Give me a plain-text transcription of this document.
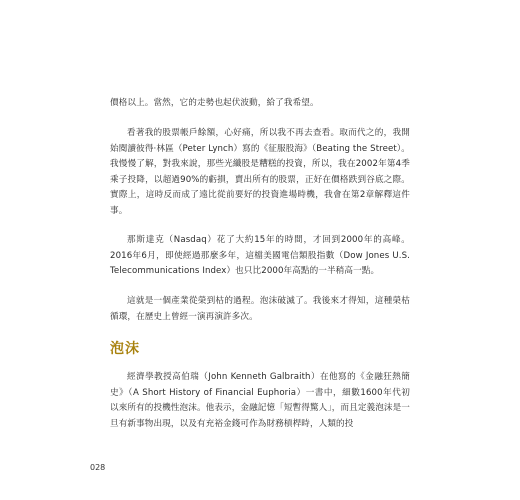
價格以上。當然，它的走勢也起伏波動，給了我希望。

看著我的股票帳戶餘額，心好痛，所以我不再去查看。取而代之的，我開始閱讀彼得‧林區（Peter Lynch）寫的《征服股海》（Beating the Street）。我慢慢了解，對我來說，那些光纖股是糟糕的投資，所以，我在2002年第4季乘子投降，以超過90%的虧損，賣出所有的股票，正好在價格跌到谷底之際。實際上，這時反而成了遠比從前要好的投資進場時機，我會在第2章解釋這件事。

那斯達克（Nasdaq）花了大約15年的時間，才回到2000年的高峰。2016年6月，即使經過那麼多年，這檔美國電信類股指數（Dow Jones U.S. Telecommunications Index）也只比2000年高點的一半稍高一點。

這就是一個產業從榮到枯的過程。泡沫破滅了。我後來才得知，這種榮枯循環，在歷史上曾經一演再演許多次。

泡沫

經濟學教授高伯瑞（John Kenneth Galbraith）在他寫的《金融狂熱簡史》（A Short History of Financial Euphoria）一書中，細數1600年代初以來所有的投機性泡沫。他表示，金融記憶「短暫得驚人」，而且定義泡沫是一旦有新事物出現，以及有充裕金錢可作為財務槓桿時，人類的投

028
